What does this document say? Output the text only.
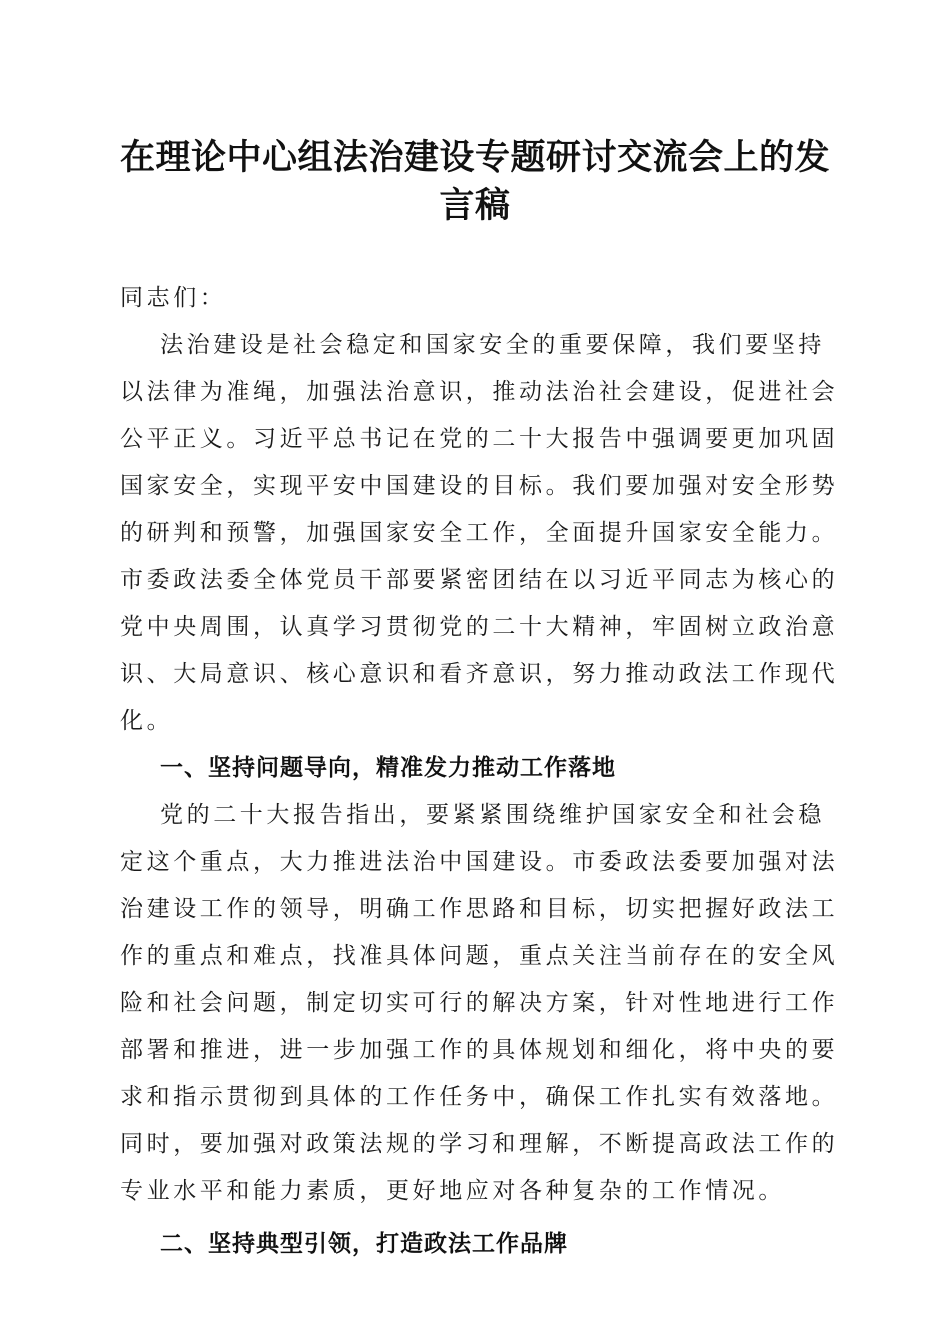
在理论中心组法治建设专题研讨交流会上的发言稿

同志们：

法治建设是社会稳定和国家安全的重要保障，我们要坚持以法律为准绳，加强法治意识，推动法治社会建设，促进社会公平正义。习近平总书记在党的二十大报告中强调要更加巩固国家安全，实现平安中国建设的目标。我们要加强对安全形势的研判和预警，加强国家安全工作，全面提升国家安全能力。市委政法委全体党员干部要紧密团结在以习近平同志为核心的党中央周围，认真学习贯彻党的二十大精神，牢固树立政治意识、大局意识、核心意识和看齐意识，努力推动政法工作现代化。

一、坚持问题导向，精准发力推动工作落地

党的二十大报告指出，要紧紧围绕维护国家安全和社会稳定这个重点，大力推进法治中国建设。市委政法委要加强对法治建设工作的领导，明确工作思路和目标，切实把握好政法工作的重点和难点，找准具体问题，重点关注当前存在的安全风险和社会问题，制定切实可行的解决方案，针对性地进行工作部署和推进，进一步加强工作的具体规划和细化，将中央的要求和指示贯彻到具体的工作任务中，确保工作扎实有效落地。同时，要加强对政策法规的学习和理解，不断提高政法工作的专业水平和能力素质，更好地应对各种复杂的工作情况。

二、坚持典型引领，打造政法工作品牌
